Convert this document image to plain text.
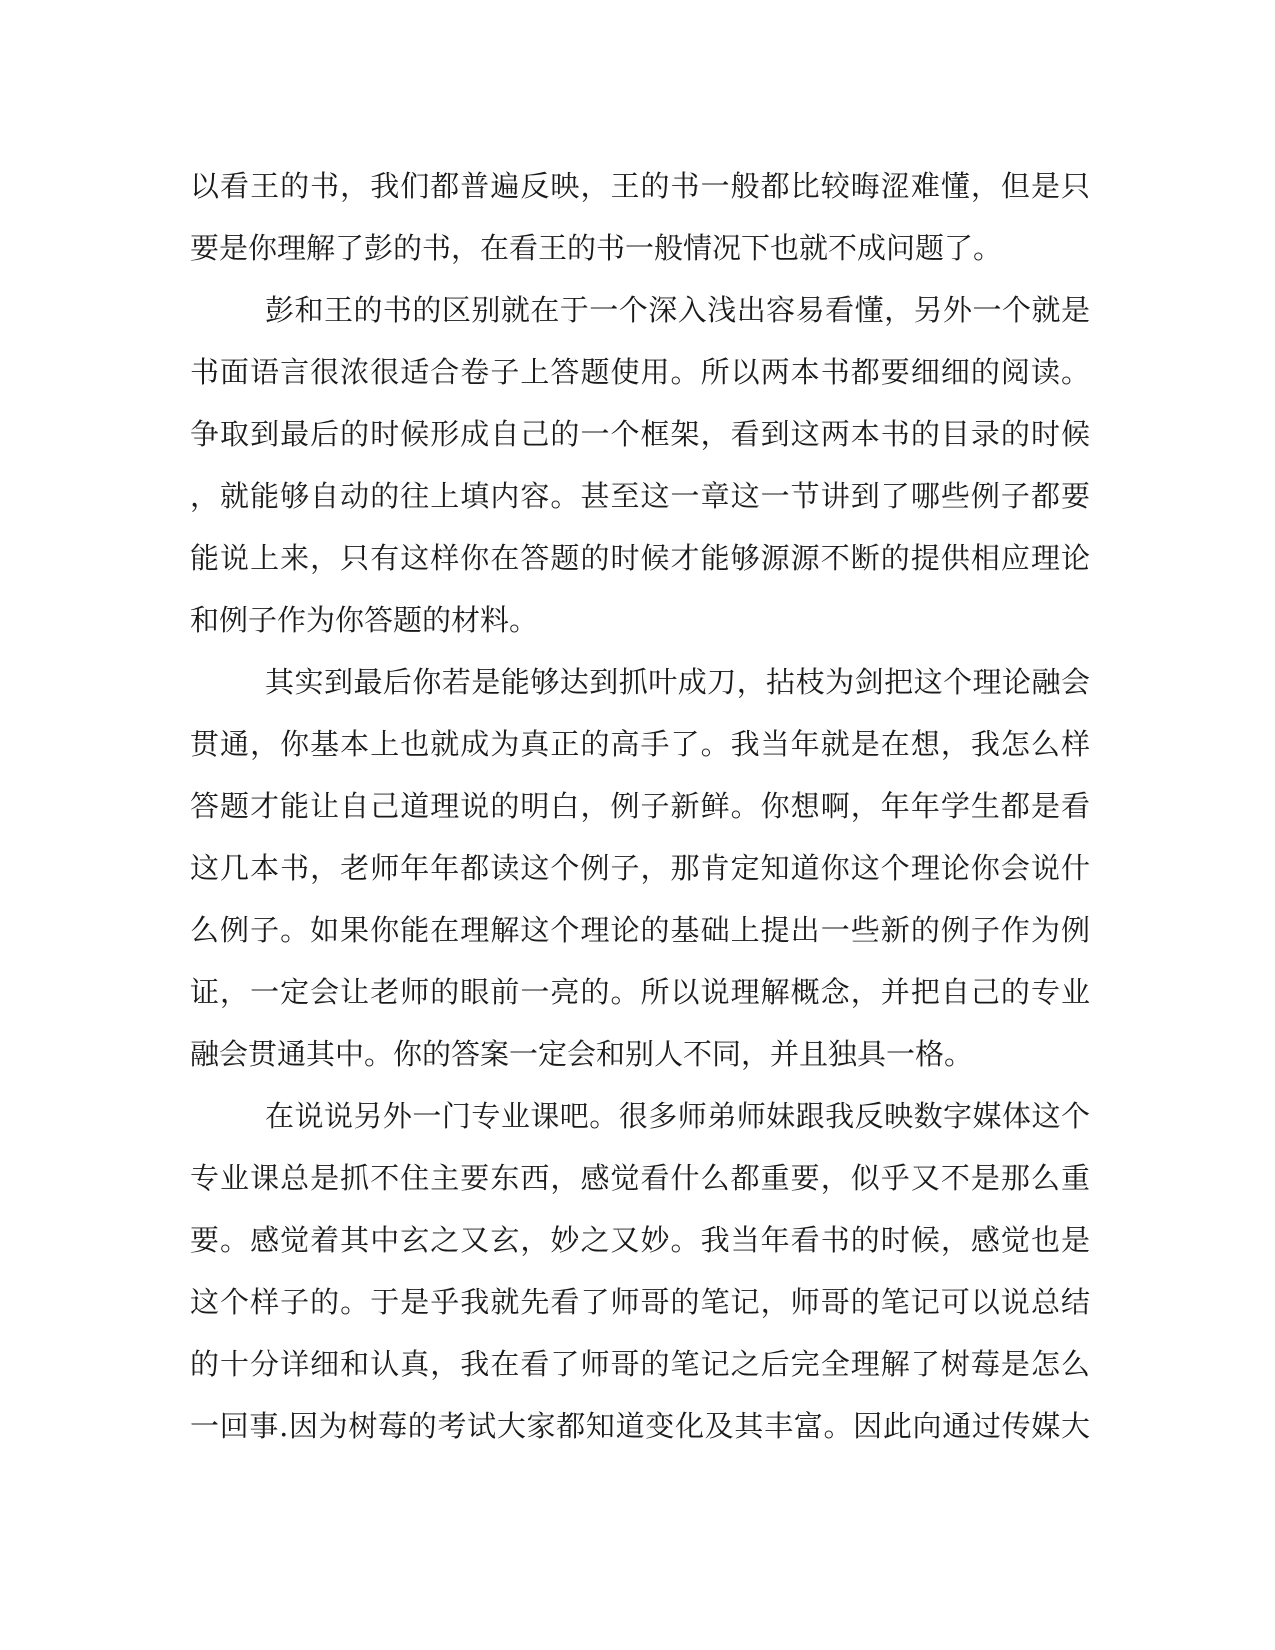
以看王的书，我们都普遍反映，王的书一般都比较晦涩难懂，但是只
要是你理解了彭的书，在看王的书一般情况下也就不成问题了。
彭和王的书的区别就在于一个深入浅出容易看懂，另外一个就是
书面语言很浓很适合卷子上答题使用。所以两本书都要细细的阅读。
争取到最后的时候形成自己的一个框架，看到这两本书的目录的时候
，就能够自动的往上填内容。甚至这一章这一节讲到了哪些例子都要
能说上来，只有这样你在答题的时候才能够源源不断的提供相应理论
和例子作为你答题的材料。
其实到最后你若是能够达到抓叶成刀，拈枝为剑把这个理论融会
贯通，你基本上也就成为真正的高手了。我当年就是在想，我怎么样
答题才能让自己道理说的明白，例子新鲜。你想啊，年年学生都是看
这几本书，老师年年都读这个例子，那肯定知道你这个理论你会说什
么例子。如果你能在理解这个理论的基础上提出一些新的例子作为例
证，一定会让老师的眼前一亮的。所以说理解概念，并把自己的专业
融会贯通其中。你的答案一定会和别人不同，并且独具一格。
在说说另外一门专业课吧。很多师弟师妹跟我反映数字媒体这个
专业课总是抓不住主要东西，感觉看什么都重要，似乎又不是那么重
要。感觉着其中玄之又玄，妙之又妙。我当年看书的时候，感觉也是
这个样子的。于是乎我就先看了师哥的笔记，师哥的笔记可以说总结
的十分详细和认真，我在看了师哥的笔记之后完全理解了树莓是怎么
一回事.因为树莓的考试大家都知道变化及其丰富。因此向通过传媒大
